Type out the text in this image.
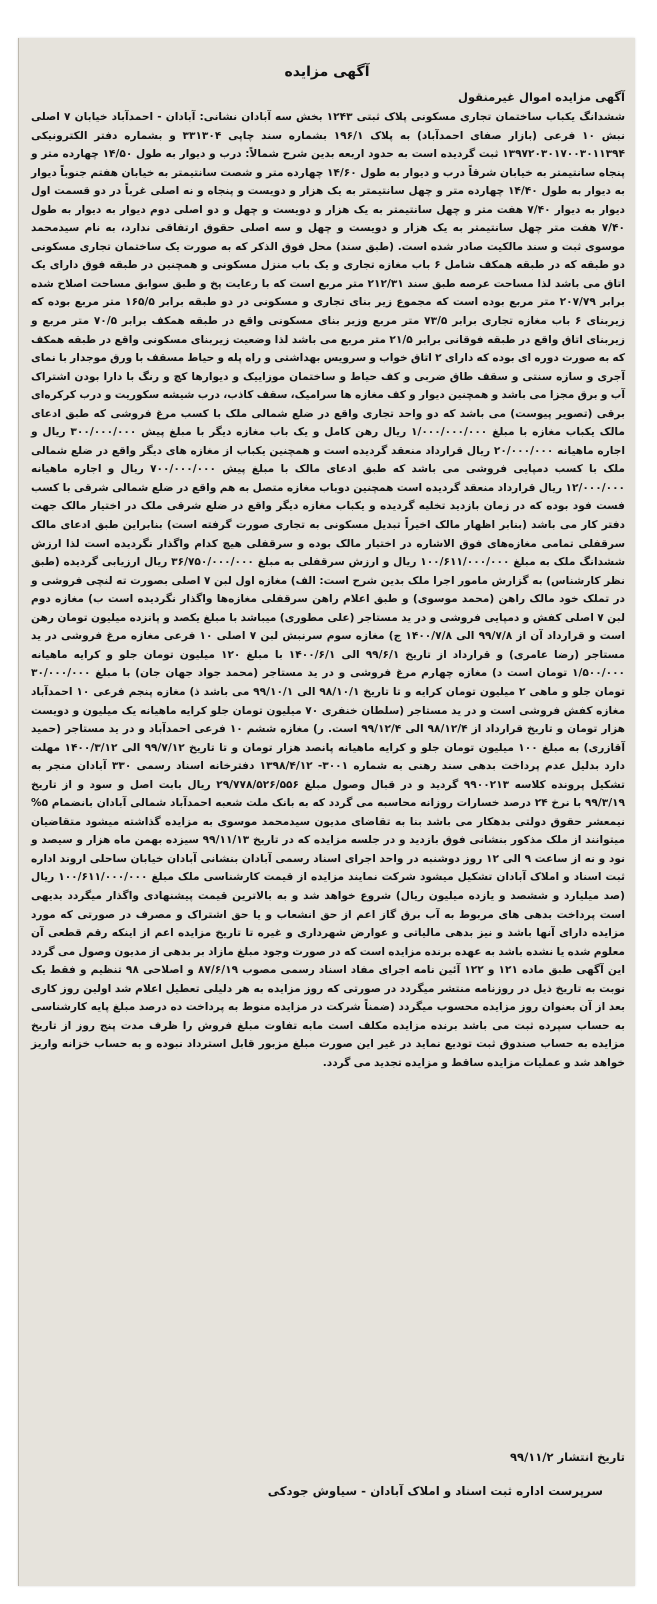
آگهی مزایده
آگهی مزایده اموال غیرمنقول

ششدانگ یکباب ساختمان تجاری مسکونی پلاک ثبتی ۱۲۴۳ بخش سه آبادان نشانی: آبادان - احمدآباد خیابان ۷ اصلی نبش ۱۰ فرعی (بازار صفای احمدآباد) به پلاک ۱۹۶/۱ بشماره سند چاپی ۳۳۱۳۰۴ و بشماره دفتر الکترونیکی ۱۳۹۷۲۰۳۰۱۷۰۰۳۰۱۱۳۹۴ ثبت گردیده است به حدود اربعه بدین شرح شمالاً: درب و دیوار به طول ۱۴/۵۰ چهارده متر و پنجاه سانتیمتر به خیابان شرقاً درب و دیوار به طول ۱۴/۶۰ چهارده متر و شصت سانتیمتر به خیابان هفتم جنوباً دیوار به دیوار به طول ۱۴/۴۰ چهارده متر و چهل سانتیمتر به یک هزار و دویست و پنجاه و نه اصلی غرباً در دو قسمت اول دیوار به دیوار ۷/۴۰ هفت متر و چهل سانتیمتر به یک هزار و دویست و چهل و دو اصلی دوم دیوار به دیوار به طول ۷/۴۰ هفت متر چهل سانتیمتر به یک هزار و دویست و چهل و سه اصلی حقوق ارتفاقی ندارد، به نام سیدمحمد موسوی ثبت و سند مالکیت صادر شده است. (طبق سند) محل فوق الذکر که به صورت یک ساختمان تجاری مسکونی دو طبقه که در طبقه همکف شامل ۶ باب مغازه تجاری و یک باب منزل مسکونی و همچنین در طبقه فوق دارای یک اتاق می باشد لذا مساحت عرصه طبق سند ۲۱۲/۳۱ متر مربع است که با رعایت پخ و طبق سوابق مساحت اصلاح شده برابر ۲۰۷/۷۹ متر مربع بوده است که مجموع زیر بنای تجاری و مسکونی در دو طبقه برابر ۱۶۵/۵ متر مربع بوده که زیربنای ۶ باب مغازه تجاری برابر ۷۳/۵ متر مربع وزیر بنای مسکونی واقع در طبقه همکف برابر ۷۰/۵ متر مربع و زیربنای اتاق واقع در طبقه فوقانی برابر ۲۱/۵ متر مربع می باشد لذا وضعیت زیربنای مسکونی واقع در طبقه همکف که به صورت دوره ای بوده که دارای ۲ اتاق خواب و سرویس بهداشتی و راه پله و حیاط مسقف با ورق موجدار با نمای آجری و سازه سنتی و سقف طاق ضربی و کف حیاط و ساختمان موزاییک و دیوارها کچ و رنگ با دارا بودن اشتراک آب و برق مجزا می باشد و همچنین دیوار و کف مغازه ها سرامیک، سقف کاذب، درب شیشه سکوریت و درب کرکره‌ای برقی (تصویر پیوست) می باشد که دو واحد تجاری واقع در ضلع شمالی ملک با کسب مرغ فروشی که طبق ادعای مالک یکباب مغازه با مبلغ ۱/۰۰۰/۰۰۰/۰۰۰ ریال رهن کامل و یک باب مغازه دیگر با مبلغ پیش ۳۰۰/۰۰۰/۰۰۰ ریال و اجاره ماهیانه ۲۰/۰۰۰/۰۰۰ ریال قرارداد منعقد گردیده است و همچنین یکباب از مغازه های دیگر واقع در ضلع شمالی ملک با کسب دمپایی فروشی می باشد که طبق ادعای مالک با مبلغ پیش ۷۰۰/۰۰۰/۰۰۰ ریال و اجاره ماهیانه ۱۲/۰۰۰/۰۰۰ ریال قرارداد منعقد گردیده است همچنین دوباب مغازه متصل به هم واقع در ضلع شمالی شرقی با کسب فست فود بوده که در زمان بازدید تخلیه گردیده و یکباب مغازه دیگر واقع در ضلع شرقی ملک در اختیار مالک جهت دفتر کار می باشد (بنابر اظهار مالک اخیراً تبدیل مسکونی به تجاری صورت گرفته است) بنابراین طبق ادعای مالک سرقفلی تمامی مغازه‌های فوق الاشاره در اختیار مالک بوده و سرقفلی هیچ کدام واگذار نگردیده است لذا ارزش ششدانگ ملک به مبلغ ۱۰۰/۶۱۱/۰۰۰/۰۰۰ ریال و ارزش سرقفلی به مبلغ ۳۶/۷۵۰/۰۰۰/۰۰۰ ریال ارزیابی گردیده (طبق نظر کارشناس) به گزارش مامور اجرا ملک بدین شرح است: الف) مغازه اول لبن ۷ اصلی بصورت ته لنچی فروشی و در تملک خود مالک راهن (محمد موسوی) و طبق اعلام راهن سرقفلی مغازه‌ها واگذار نگردیده است ب) مغازه دوم لبن ۷ اصلی کفش و دمپایی فروشی و در ید مستاجر (علی مطوری) میباشد با مبلغ یکصد و پانزده میلیون تومان رهن است و قرارداد آن از ۹۹/۷/۸ الی ۱۴۰۰/۷/۸ ج) مغازه سوم سرنبش لبن ۷ اصلی ۱۰ فرعی مغازه مرغ فروشی در ید مستاجر (رضا عامری) و قرارداد از تاریخ ۹۹/۶/۱ الی ۱۴۰۰/۶/۱ با مبلغ ۱۲۰ میلیون تومان جلو و کرایه ماهیانه ۱/۵۰۰/۰۰۰ تومان است د) مغازه چهارم مرغ فروشی و در ید مستاجر (محمد جواد جهان جان) با مبلغ ۳۰/۰۰۰/۰۰۰ تومان جلو و ماهی ۲ میلیون تومان کرایه و تا تاریخ ۹۸/۱۰/۱ الی ۹۹/۱۰/۱ می باشد ذ) مغازه پنجم فرعی ۱۰ احمدآباد مغازه کفش فروشی است و در ید مستاجر (سلطان خنفری ۷۰ میلیون تومان جلو کرایه ماهیانه یک میلیون و دویست هزار تومان و تاریخ قرارداد از ۹۸/۱۲/۴ الی ۹۹/۱۲/۴ است. ر) مغازه ششم ۱۰ فرعی احمدآباد و در ید مستاجر (حمید آقازری) به مبلغ ۱۰۰ میلیون تومان جلو و کرایه ماهیانه پانصد هزار تومان و تا تاریخ ۹۹/۷/۱۲ الی ۱۴۰۰/۳/۱۲ مهلت دارد بدلیل عدم پرداخت بدهی سند رهنی به شماره ۳۰۰۱- ۱۳۹۸/۴/۱۲ دفترخانه اسناد رسمی ۳۳۰ آبادان منجر به تشکیل پرونده کلاسه ۹۹۰۰۲۱۳ گردید و در قبال وصول مبلغ ۲۹/۷۷۸/۵۲۶/۵۵۶ ریال بابت اصل و سود و از تاریخ ۹۹/۳/۱۹ با نرخ ۲۴ درصد خسارات روزانه محاسبه می گردد که به بانک ملت شعبه احمدآباد شمالی آبادان بانضمام ۵% نیمعشر حقوق دولتی بدهکار می باشد بنا به تقاضای مدیون سیدمحمد موسوی به مزایده گذاشته میشود متقاضیان میتوانند از ملک مذکور بنشانی فوق بازدید و در جلسه مزایده که در تاریخ ۹۹/۱۱/۱۳ سیزده بهمن ماه هزار و سیصد و نود و نه از ساعت ۹ الی ۱۲ روز دوشنبه در واحد اجرای اسناد رسمی آبادان بنشانی آبادان خیابان ساحلی اروند اداره ثبت اسناد و املاک آبادان تشکیل میشود شرکت نمایند مزایده از قیمت کارشناسی ملک مبلغ ۱۰۰/۶۱۱/۰۰۰/۰۰۰ ریال (صد میلیارد و ششصد و یازده میلیون ریال) شروع خواهد شد و به بالاترین قیمت پیشنهادی واگذار میگردد بدیهی است پرداخت بدهی های مربوط به آب برق گاز اعم از حق انشعاب و یا حق اشتراک و مصرف در صورتی که مورد مزایده دارای آنها باشد و نیز بدهی مالیاتی و عوارض شهرداری و غیره تا تاریخ مزایده اعم از اینکه رقم قطعی آن معلوم شده یا نشده باشد به عهده برنده مزایده است که در صورت وجود مبلغ مازاد بر بدهی از مدیون وصول می گردد این آگهی طبق ماده ۱۲۱ و ۱۲۲ آئین نامه اجرای مفاد اسناد رسمی مصوب ۸۷/۶/۱۹ و اصلاحی ۹۸ تنظیم و فقط یک نوبت به تاریخ ذیل در روزنامه منتشر میگردد در صورتی که روز مزایده به هر دلیلی تعطیل اعلام شد اولین روز کاری بعد از آن بعنوان روز مزایده محسوب میگردد (ضمناً شرکت در مزایده منوط به پرداخت ده درصد مبلغ پایه کارشناسی به حساب سپرده ثبت می باشد برنده مزایده مکلف است مابه تفاوت مبلغ فروش را ظرف مدت پنج روز از تاریخ مزایده به حساب صندوق ثبت تودیع نماید در غیر این صورت مبلغ مزبور قابل استرداد نبوده و به حساب خزانه واریز خواهد شد و عملیات مزایده ساقط و مزایده تجدید می گردد.

تاریخ انتشار ۹۹/۱۱/۲

سرپرست اداره ثبت اسناد و املاک آبادان - سیاوش جودکی
